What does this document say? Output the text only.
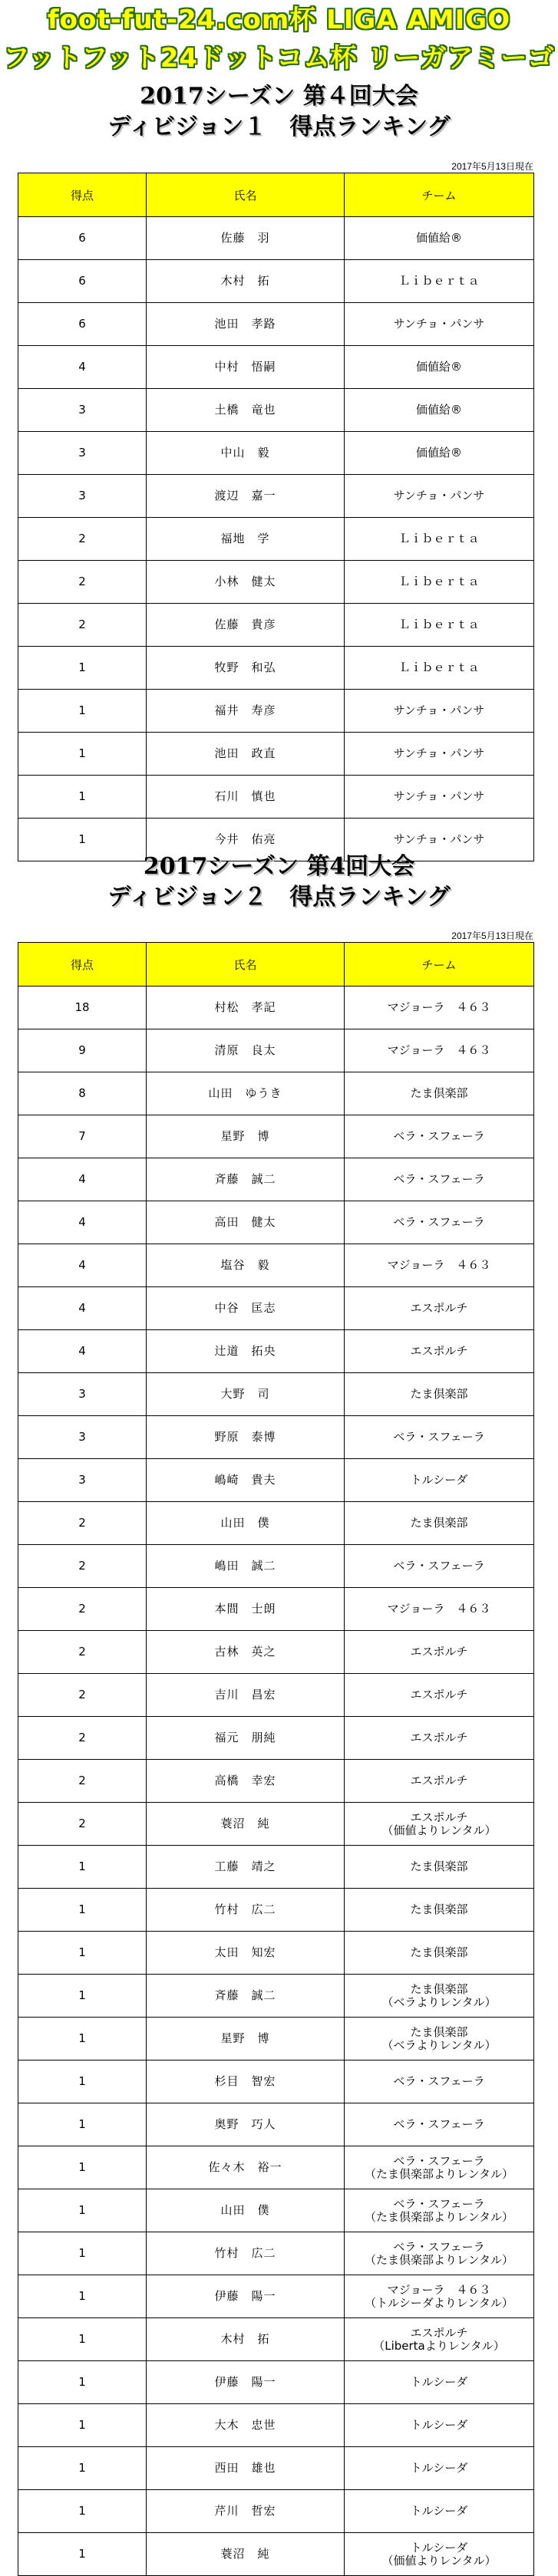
foot-fut-24.com杯 LIGA AMIGO
フットフット24ドットコム杯 リーガアミーゴ
2017シーズン 第４回大会
ディビジョン１　得点ランキング
2017年5月13日現在
得点	氏名	チーム
6	佐藤　羽	価値給®
6	木村　拓	Ｌｉｂｅｒｔａ
6	池田　孝路	サンチョ・パンサ
4	中村　悟嗣	価値給®
3	土橋　竜也	価値給®
3	中山　毅	価値給®
3	渡辺　嘉一	サンチョ・パンサ
2	福地　学	Ｌｉｂｅｒｔａ
2	小林　健太	Ｌｉｂｅｒｔａ
2	佐藤　貴彦	Ｌｉｂｅｒｔａ
1	牧野　和弘	Ｌｉｂｅｒｔａ
1	福井　寿彦	サンチョ・パンサ
1	池田　政直	サンチョ・パンサ
1	石川　慎也	サンチョ・パンサ
1	今井　佑亮	サンチョ・パンサ
2017シーズン 第4回大会
ディビジョン２　得点ランキング
2017年5月13日現在
得点	氏名	チーム
18	村松　孝記	マジョーラ　４６３
9	清原　良太	マジョーラ　４６３
8	山田　ゆうき	たま倶楽部
7	星野　博	ベラ・スフェーラ
4	斉藤　誠二	ベラ・スフェーラ
4	高田　健太	ベラ・スフェーラ
4	塩谷　毅	マジョーラ　４６３
4	中谷　匡志	エスポルチ
4	辻道　拓央	エスポルチ
3	大野　司	たま倶楽部
3	野原　泰博	ベラ・スフェーラ
3	嶋崎　貴夫	トルシーダ
2	山田　僕	たま倶楽部
2	嶋田　誠二	ベラ・スフェーラ
2	本間　士朗	マジョーラ　４６３
2	古林　英之	エスポルチ
2	吉川　昌宏	エスポルチ
2	福元　朋純	エスポルチ
2	高橋　幸宏	エスポルチ
2	蓑沼　純	エスポルチ
（価値よりレンタル）
1	工藤　靖之	たま倶楽部
1	竹村　広二	たま倶楽部
1	太田　知宏	たま倶楽部
1	斉藤　誠二	たま倶楽部
（ベラよりレンタル）
1	星野　博	たま倶楽部
（ベラよりレンタル）
1	杉目　智宏	ベラ・スフェーラ
1	奥野　巧人	ベラ・スフェーラ
1	佐々木　裕一	ベラ・スフェーラ
（たま倶楽部よりレンタル）
1	山田　僕	ベラ・スフェーラ
（たま倶楽部よりレンタル）
1	竹村　広二	ベラ・スフェーラ
（たま倶楽部よりレンタル）
1	伊藤　陽一	マジョーラ　４６３
（トルシーダよりレンタル）
1	木村　拓	エスポルチ
（Libertaよりレンタル）
1	伊藤　陽一	トルシーダ
1	大木　忠世	トルシーダ
1	西田　雄也	トルシーダ
1	芹川　哲宏	トルシーダ
1	蓑沼　純	トルシーダ
（価値よりレンタル）
